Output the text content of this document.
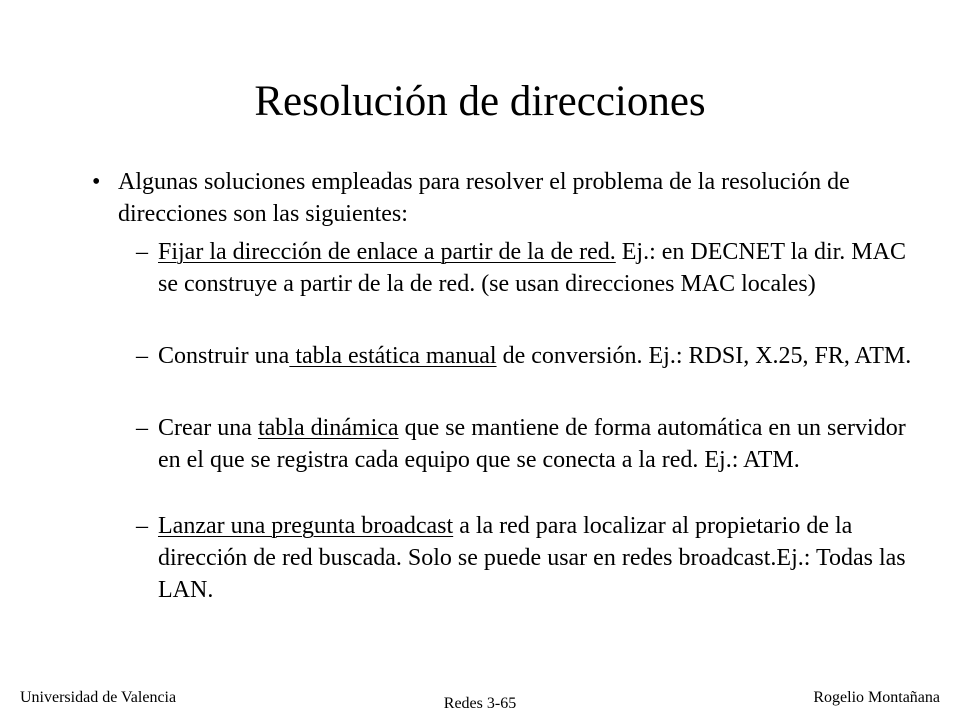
Resolución de direcciones
• Algunas soluciones empleadas para resolver el problema de la resolución de direcciones son las siguientes:
– Fijar la dirección de enlace a partir de la de red. Ej.: en DECNET la dir. MAC se construye a partir de la de red. (se usan direcciones MAC locales)
– Construir una tabla estática manual de conversión. Ej.: RDSI, X.25, FR, ATM.
– Crear una tabla dinámica que se mantiene de forma automática en un servidor en el que se registra cada equipo que se conecta a la red. Ej.: ATM.
– Lanzar una pregunta broadcast a la red para localizar al propietario de la dirección de red buscada. Solo se puede usar en redes broadcast.Ej.: Todas las LAN.
Universidad de Valencia	Redes 3-65	Rogelio Montañana
